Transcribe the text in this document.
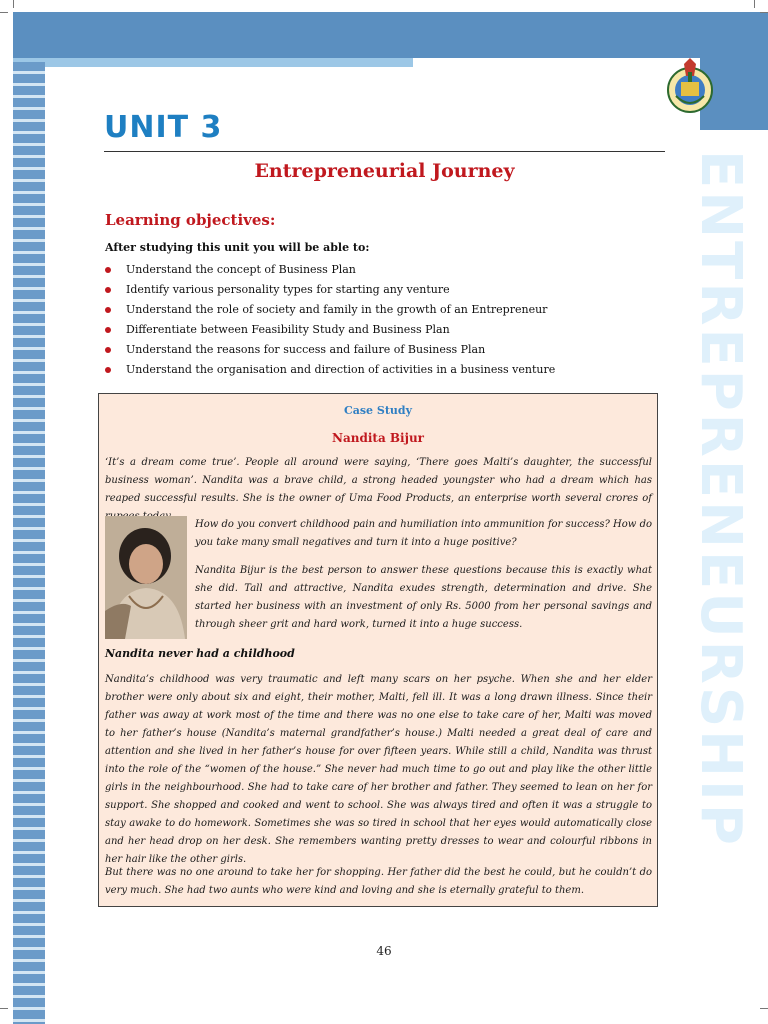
ENTREPRENEURSHIP
UNIT 3
Entrepreneurial Journey
Learning objectives:
After studying this unit you will be able to:
Understand the concept of Business Plan
Identify various personality types for starting any venture
Understand the role of society and family in the growth of an Entrepreneur
Differentiate between Feasibility Study and Business Plan
Understand the reasons for success and failure of Business Plan
Understand the organisation and direction of activities in a business venture
Case Study
Nandita Bijur

‘It’s a dream come true’. People all around were saying, ‘There goes Malti’s daughter, the successful business woman’. Nandita was a brave child, a strong headed youngster who had a dream which has reaped successful results. She is the owner of Uma Food Products, an enterprise worth several crores of

How do you convert childhood pain and humiliation into ammunition for success? How do you take many small negatives and turn it into a huge positive?

Nandita Bijur is the best person to answer these questions because this is exactly what she did. Tall and attractive, Nandita exudes strength, determination and drive. She started her business with an investment of only Rs. 5000 from her personal savings and through sheer grit and hard work, turned it into a huge success.

Nandita never had a childhood

Nandita’s childhood was very traumatic and left many scars on her psyche. When she and her elder brother were only about six and eight, their mother, Malti, fell ill. It was a long drawn illness. Since their father was away at work most of the time and there was no one else to take care of her, Malti was moved to her father’s house (Nandita’s maternal grandfather’s house.) Malti needed a great deal of care and attention and she lived in her father’s house for over fifteen years. While still a child, Nandita was thrust into the role of the “women of the house.” She never had much time to go out and play like the other little girls in the neighbourhood. She had to take care of her brother and father. They seemed to lean on her for support. She shopped and cooked and went to school. She was always tired and often it was a struggle to stay awake to do homework. Sometimes she was so tired in school that her eyes would automatically close and her head drop on her desk. She remembers wanting pretty dresses to wear and colourful ribbons in her hair like the other girls.

But there was no one around to take her for shopping. Her father did the best he could, but he couldn’t do very much. She had two aunts who were kind and loving and she is eternally grateful to them.

46
